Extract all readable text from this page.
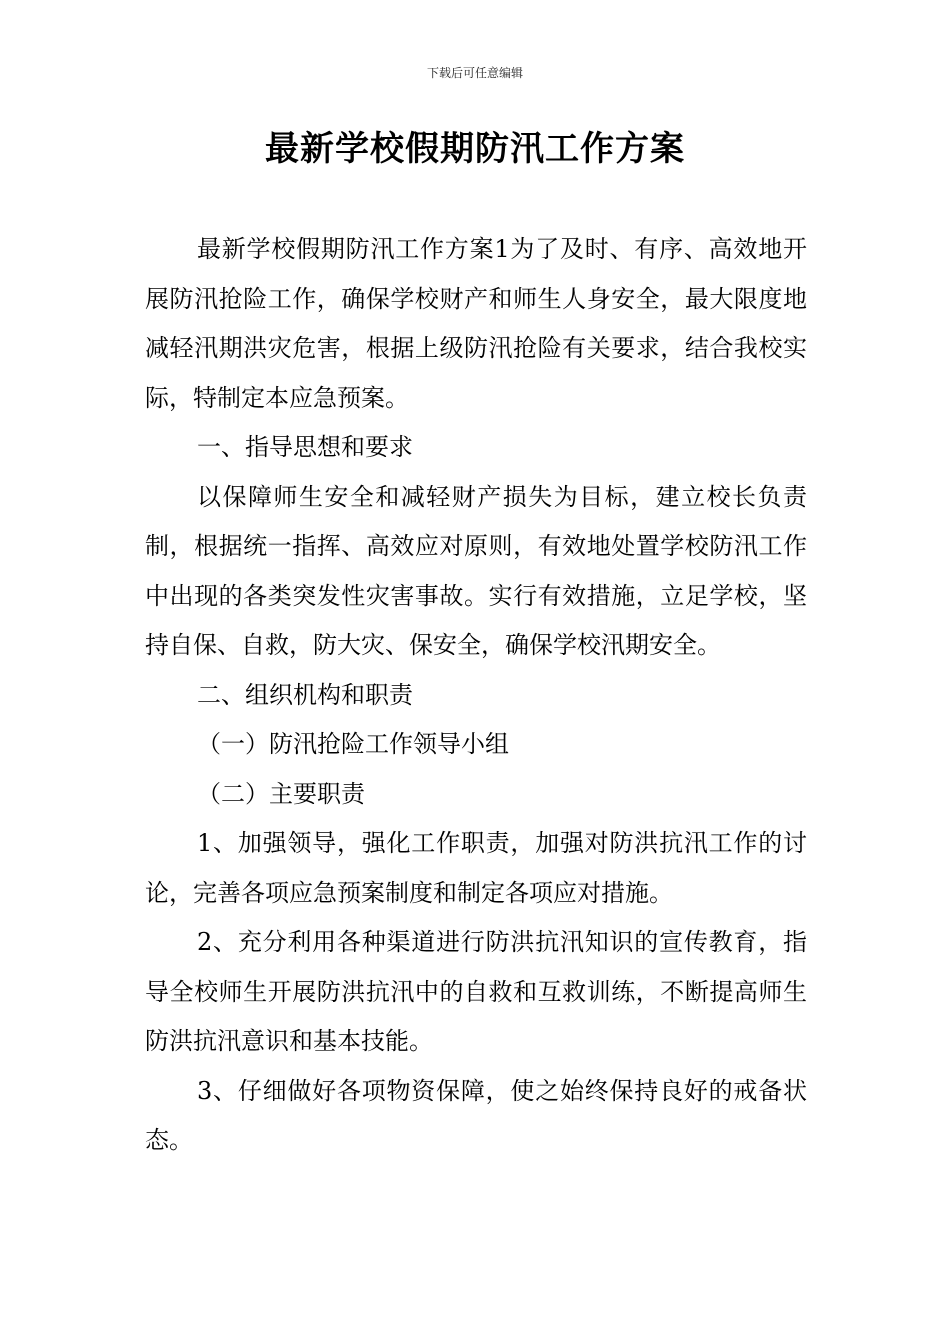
下载后可任意编辑
最新学校假期防汛工作方案

最新学校假期防汛工作方案1为了及时、有序、高效地开展防汛抢险工作，确保学校财产和师生人身安全，最大限度地减轻汛期洪灾危害，根据上级防汛抢险有关要求，结合我校实际，特制定本应急预案。

一、指导思想和要求

以保障师生安全和减轻财产损失为目标，建立校长负责制，根据统一指挥、高效应对原则，有效地处置学校防汛工作中出现的各类突发性灾害事故。实行有效措施，立足学校，坚持自保、自救，防大灾、保安全，确保学校汛期安全。

二、组织机构和职责

（一）防汛抢险工作领导小组

（二）主要职责

1、加强领导，强化工作职责，加强对防洪抗汛工作的讨论，完善各项应急预案制度和制定各项应对措施。

2、充分利用各种渠道进行防洪抗汛知识的宣传教育，指导全校师生开展防洪抗汛中的自救和互救训练，不断提高师生防洪抗汛意识和基本技能。

3、仔细做好各项物资保障，使之始终保持良好的戒备状态。
